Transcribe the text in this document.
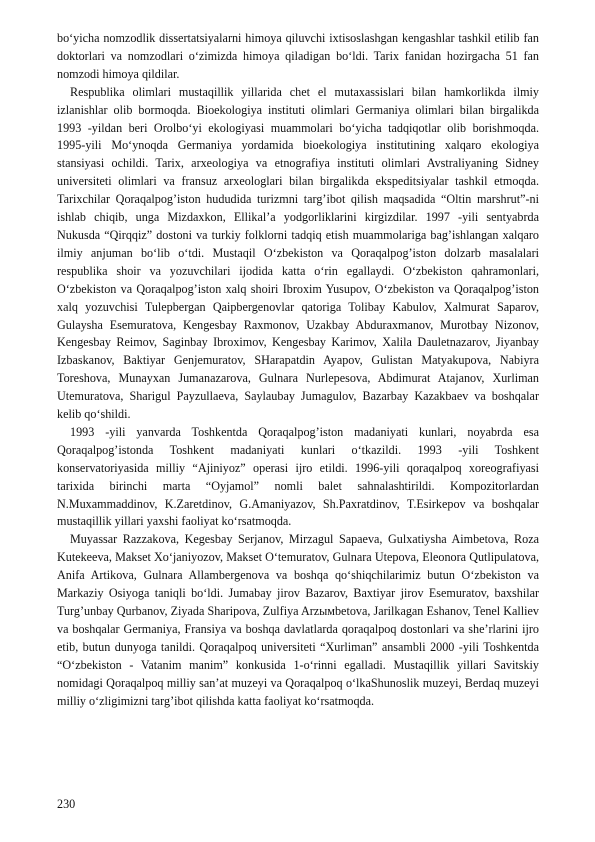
bo‘yicha nomzodlik dissertatsiyalarni himoya qiluvchi ixtisoslashgan kengashlar tashkil etilib fan doktorlari va nomzodlari o‘zimizda himoya qiladigan bo‘ldi. Tarix fanidan hozirgacha 51 fan nomzodi himoya qildilar.

Respublika olimlari mustaqillik yillarida chet el mutaxassislari bilan hamkorlikda ilmiy izlanishlar olib bormoqda. Bioekologiya instituti olimlari Germaniya olimlari bilan birgalikda 1993 -yildan beri Orolbo‘yi ekologiyasi muammolari bo‘yicha tadqiqotlar olib borishmoqda. 1995-yili Mo‘ynoqda Germaniya yordamida bioekologiya institutining xalqaro ekologiya stansiyasi ochildi. Tarix, arxeologiya va etnografiya instituti olimlari Avstraliyaning Sidney universiteti olimlari va fransuz arxeologlari bilan birgalikda ekspeditsiyalar tashkil etmoqda. Tarixchilar Qoraqalpog’iston hududida turizmni targ’ibot qilish maqsadida “Oltin marshrut”-ni ishlab chiqib, unga Mizdaxkon, Ellikal’a yodgorliklarini kirgizdilar. 1997 -yili sentyabrda Nukusda “Qirqqiz” dostoni va turkiy folklorni tadqiq etish muammolariga bag’ishlangan xalqaro ilmiy anjuman bo‘lib o‘tdi. Mustaqil O‘zbekiston va Qoraqalpog’iston dolzarb masalalari respublika shoir va yozuvchilari ijodida katta o‘rin egallaydi. O‘zbekiston qahramonlari, O‘zbekiston va Qoraqalpog’iston xalq shoiri Ibroxim Yusupov, O‘zbekiston va Qoraqalpog’iston xalq yozuvchisi Tulepbergan Qaipbergenovlar qatoriga Tolibay Kabulov, Xalmurat Saparov, Gulaysha Esemuratova, Kengesbay Raxmonov, Uzakbay Abduraxmanov, Murotbay Nizonov, Kengesbay Reimov, Saginbay Ibroximov, Kengesbay Karimov, Xalila Dauletnazarov, Jiyanbay Izbaskanov, Baktiyar Genjemuratov, SHarapatdin Ayapov, Gulistan Matyakupova, Nabiyra Toreshova, Munayxan Jumanazarova, Gulnara Nurlepesova, Abdimurat Atajanov, Xurliman Utemuratova, Sharigul Payzullaeva, Saylaubay Jumagulov, Bazarbay Kazakbaev va boshqalar kelib qo‘shildi.

1993 -yili yanvarda Toshkentda Qoraqalpog’iston madaniyati kunlari, noyabrda esa Qoraqalpog’istonda Toshkent madaniyati kunlari o‘tkazildi. 1993 -yili Toshkent konservatoriyasida milliy “Ajiniyoz” operasi ijro etildi. 1996-yili qoraqalpoq xoreografiyasi tarixida birinchi marta “Oyjamol” nomli balet sahnalashtirildi. Kompozitorlardan N.Muxammaddinov, K.Zaretdinov, G.Amaniyazov, Sh.Paxratdinov, T.Esirkepov va boshqalar mustaqillik yillari yaxshi faoliyat ko‘rsatmoqda.

Muyassar Razzakova, Kegesbay Serjanov, Mirzagul Sapaeva, Gulxatiysha Aimbetova, Roza Kutekeeva, Makset Xo‘janiyozov, Makset O‘temuratov, Gulnara Utepova, Eleonora Qutlipulatova, Anifa Artikova, Gulnara Allambergenova va boshqa qo‘shiqchilarimiz butun O‘zbekiston va Markaziy Osiyoga taniqli bo‘ldi. Jumabay jirov Bazarov, Baxtiyar jirov Esemuratov, baxshilar Turg’unbay Qurbanov, Ziyada Sharipova, Zulfiya Arzымbetova, Jarilkagan Eshanov, Tenel Kalliev va boshqalar Germaniya, Fransiya va boshqa davlatlarda qoraqalpoq dostonlari va she’rlarini ijro etib, butun dunyoga tanildi. Qoraqalpoq universiteti “Xurliman” ansambli 2000 -yili Toshkentda “O‘zbekiston - Vatanim manim” konkusida 1-o‘rinni egalladi. Mustaqillik yillari Savitskiy nomidagi Qoraqalpoq milliy san’at muzeyi va Qoraqalpoq o‘lkaShunoslik muzeyi, Berdaq muzeyi milliy o‘zligimizni targ’ibot qilishda katta faoliyat ko‘rsatmoqda.

230
